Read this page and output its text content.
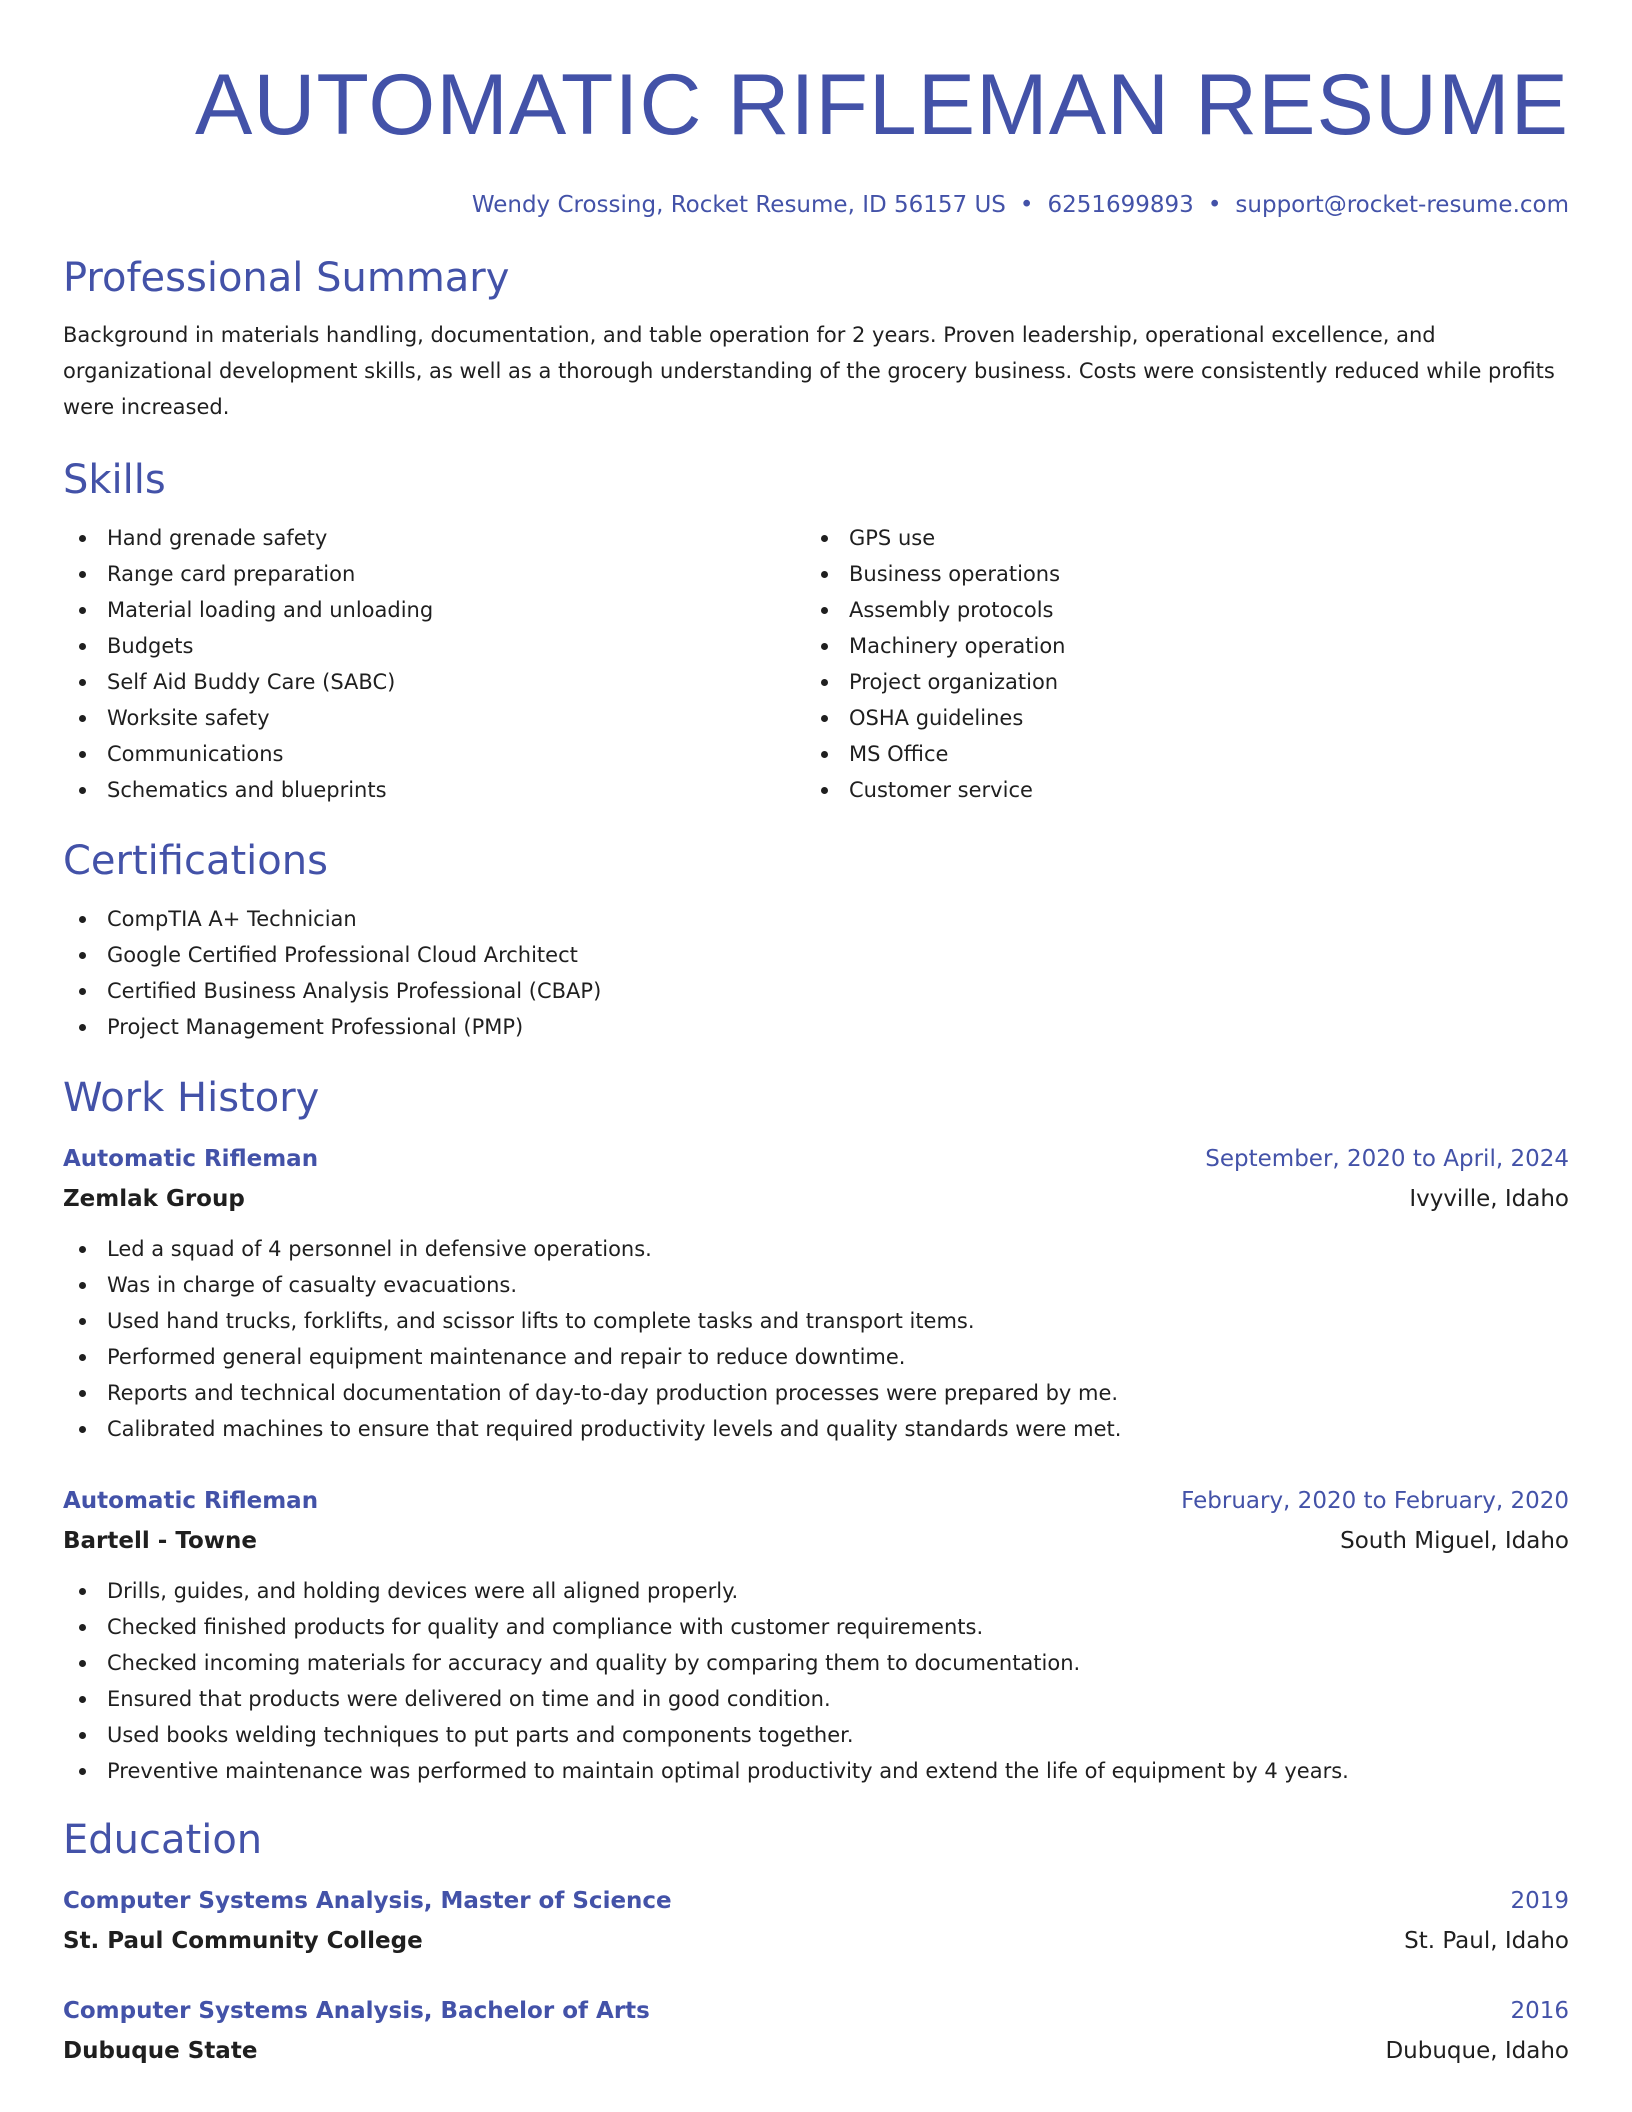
AUTOMATIC RIFLEMAN RESUME
Wendy Crossing, Rocket Resume, ID 56157 US • 6251699893 • support@rocket-resume.com
Professional Summary

Background in materials handling, documentation, and table operation for 2 years. Proven leadership, operational excellence, and organizational development skills, as well as a thorough understanding of the grocery business. Costs were consistently reduced while profits were increased.

Skills
Hand grenade safety
Range card preparation
Material loading and unloading
Budgets
Self Aid Buddy Care (SABC)
Worksite safety
Communications
Schematics and blueprints
GPS use
Business operations
Assembly protocols
Machinery operation
Project organization
OSHA guidelines
MS Office
Customer service
Certifications
CompTIA A+ Technician
Google Certified Professional Cloud Architect
Certified Business Analysis Professional (CBAP)
Project Management Professional (PMP)
Work History
Automatic Rifleman	September, 2020 to April, 2024
Zemlak Group	Ivyville, Idaho
Led a squad of 4 personnel in defensive operations.
Was in charge of casualty evacuations.
Used hand trucks, forklifts, and scissor lifts to complete tasks and transport items.
Performed general equipment maintenance and repair to reduce downtime.
Reports and technical documentation of day-to-day production processes were prepared by me.
Calibrated machines to ensure that required productivity levels and quality standards were met.
Automatic Rifleman	February, 2020 to February, 2020
Bartell - Towne	South Miguel, Idaho
Drills, guides, and holding devices were all aligned properly.
Checked finished products for quality and compliance with customer requirements.
Checked incoming materials for accuracy and quality by comparing them to documentation.
Ensured that products were delivered on time and in good condition.
Used books welding techniques to put parts and components together.
Preventive maintenance was performed to maintain optimal productivity and extend the life of equipment by 4 years.
Education
Computer Systems Analysis, Master of Science	2019
St. Paul Community College	St. Paul, Idaho
Computer Systems Analysis, Bachelor of Arts	2016
Dubuque State	Dubuque, Idaho
